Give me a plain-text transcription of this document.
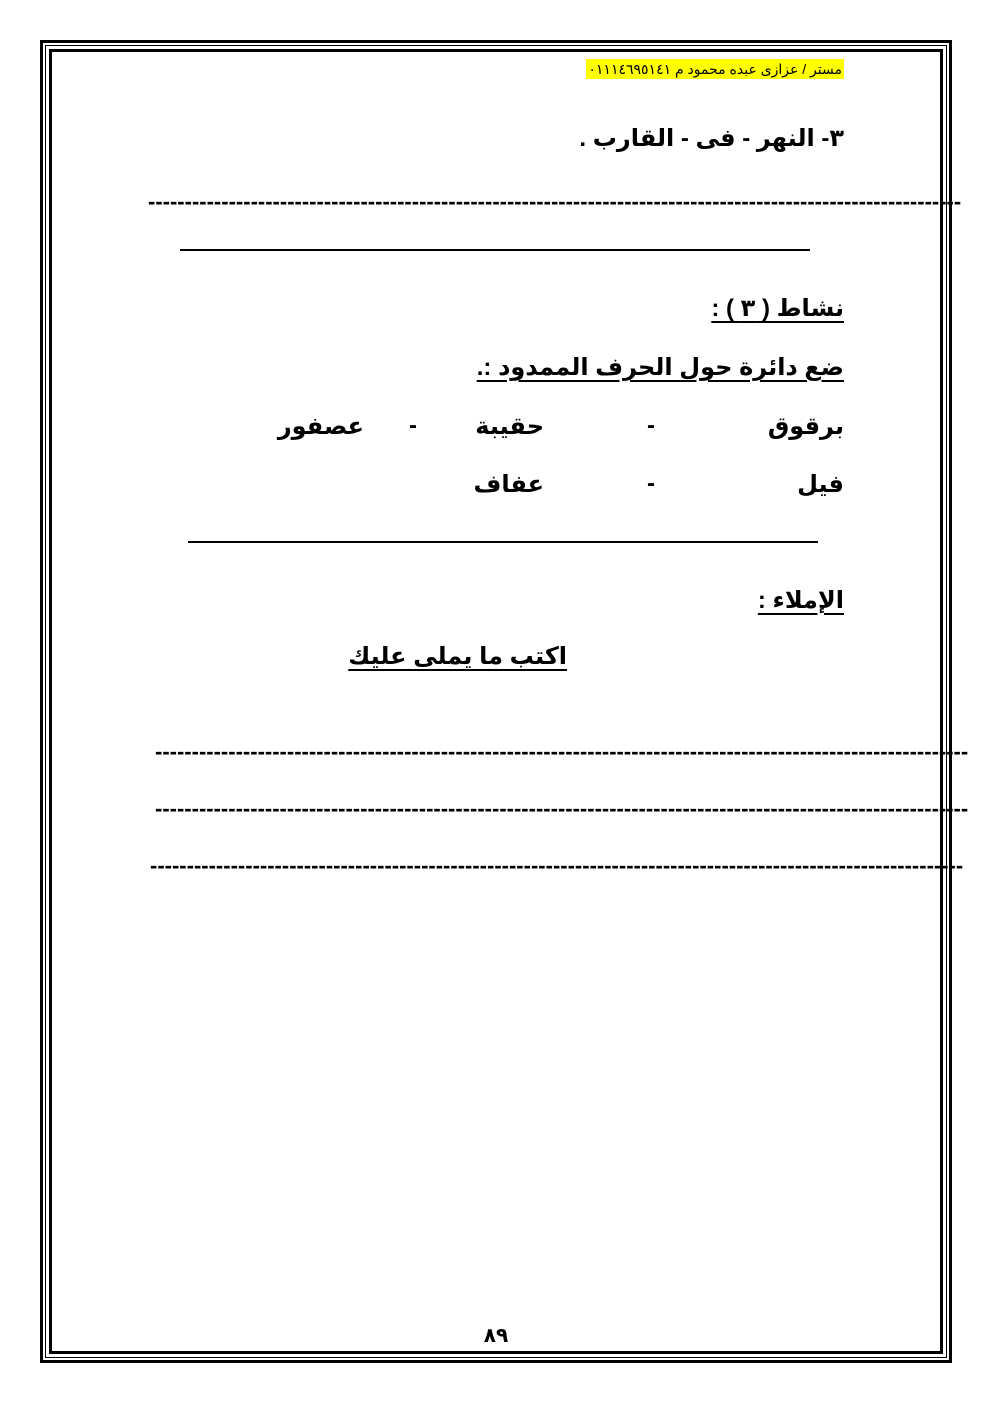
مستر / عزازى عبده محمود م ٠١١١٤٦٩٥١٤١
٣- النهر - فى - القارب .
---------------------------------------------------------------------------------------------------------------
نشاط ( ٣ ) :
ضع دائرة حول الحرف الممدود :.
برقوق
-
حقيبة
-
عصفور
فيل
-
عفاف
الإملاء :
اكتب ما يملى عليك
---------------------------------------------------------------------------------------------------------------
---------------------------------------------------------------------------------------------------------------
---------------------------------------------------------------------------------------------------------------
٨٩
